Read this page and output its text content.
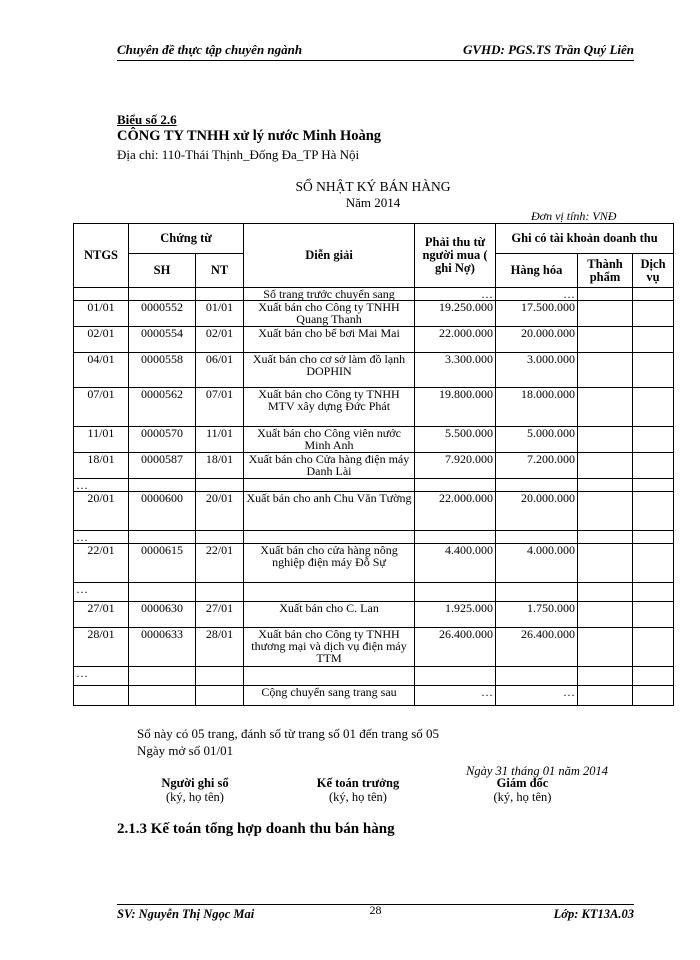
Chuyên đề thực tập chuyên ngành	GVHD: PGS.TS Trần Quý Liên
Biểu số 2.6
CÔNG TY TNHH xử lý nước Minh Hoàng
Địa chỉ: 110-Thái Thịnh_Đống Đa_TP Hà Nội
SỔ NHẬT KÝ BÁN HÀNG
Năm 2014
Đơn vị tính: VNĐ
NTGS	Chứng từ		Diễn giải	Phải thu từ người mua ( ghi Nợ)	Ghi có tài khoản doanh thu		
	SH	NT			Hàng hóa	Thành phẩm	Dịch vụ
			Số trang trước chuyển sang	…	…		
01/01	0000552	01/01	Xuất bán cho Công ty TNHH Quang Thanh	19.250.000	17.500.000		
02/01	0000554	02/01	Xuất bán cho bể bơi Mai Mai	22.000.000	20.000.000		
04/01	0000558	06/01	Xuất bán cho cơ sở làm đồ lạnh DOPHIN	3.300.000	3.000.000		
07/01	0000562	07/01	Xuất bán cho Công ty TNHH MTV xây dựng Đức Phát	19.800.000	18.000.000		
11/01	0000570	11/01	Xuất bán cho Công viên nước Minh Anh	5.500.000	5.000.000		
18/01	0000587	18/01	Xuất bán cho Cửa hàng điện máy Danh Lài	7.920.000	7.200.000		
…							
20/01	0000600	20/01	Xuất bán cho anh Chu Văn Tường	22.000.000	20.000.000		
…							
22/01	0000615	22/01	Xuất bán cho cửa hàng nông nghiệp điện máy Đỗ Sự	4.400.000	4.000.000		
…							
27/01	0000630	27/01	Xuất bán cho C. Lan	1.925.000	1.750.000		
28/01	0000633	28/01	Xuất bán cho Công ty TNHH thương mại và dịch vụ điện máy TTM	26.400.000	26.400.000		
…							
			Cộng chuyển sang trang sau	…	…		
Sổ này có 05 trang, đánh số từ trang số 01 đến trang số 05
Ngày mở sổ 01/01
Ngày 31 tháng 01 năm 2014
Người ghi sổ
(ký, họ tên)
Kế toán trưởng
(ký, họ tên)
Giám đốc
(ký, họ tên)
2.1.3 Kế toán tổng hợp doanh thu bán hàng
SV: Nguyễn Thị Ngọc Mai	28	Lớp: KT13A.03
